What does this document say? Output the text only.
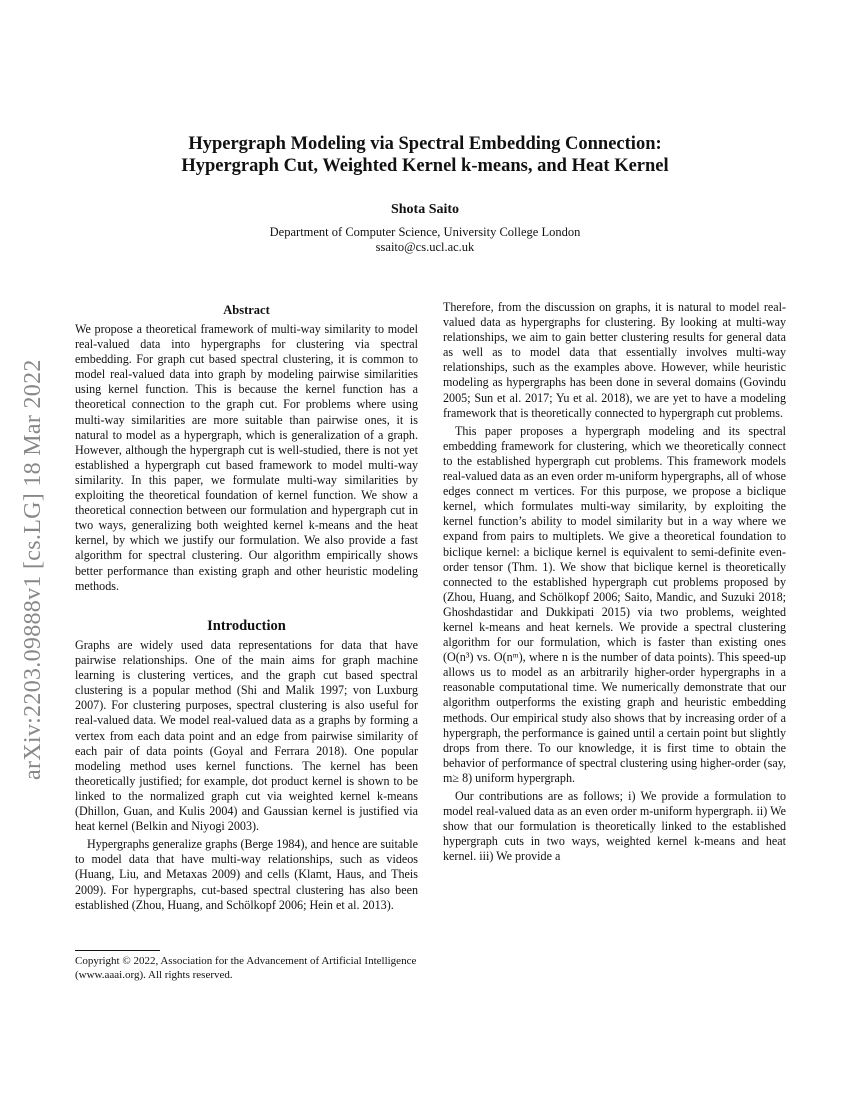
arXiv:2203.09888v1 [cs.LG] 18 Mar 2022
Hypergraph Modeling via Spectral Embedding Connection:
Hypergraph Cut, Weighted Kernel k-means, and Heat Kernel
Shota Saito
Department of Computer Science, University College London
ssaito@cs.ucl.ac.uk
Abstract

We propose a theoretical framework of multi-way similarity to model real-valued data into hypergraphs for clustering via spectral embedding. For graph cut based spectral clustering, it is common to model real-valued data into graph by modeling pairwise similarities using kernel function. This is because the kernel function has a theoretical connection to the graph cut. For problems where using multi-way similarities are more suitable than pairwise ones, it is natural to model as a hypergraph, which is generalization of a graph. However, although the hypergraph cut is well-studied, there is not yet established a hypergraph cut based framework to model multi-way similarity. In this paper, we formulate multi-way similarities by exploiting the theoretical foundation of kernel function. We show a theoretical connection between our formulation and hypergraph cut in two ways, generalizing both weighted kernel k-means and the heat kernel, by which we justify our formulation. We also provide a fast algorithm for spectral clustering. Our algorithm empirically shows better performance than existing graph and other heuristic modeling methods.

Introduction

Graphs are widely used data representations for data that have pairwise relationships. One of the main aims for graph machine learning is clustering vertices, and the graph cut based spectral clustering is a popular method (Shi and Malik 1997; von Luxburg 2007). For clustering purposes, spectral clustering is also useful for real-valued data. We model real-valued data as a graphs by forming a vertex from each data point and an edge from pairwise similarity of each pair of data points (Goyal and Ferrara 2018). One popular modeling method uses kernel functions. The kernel has been theoretically justified; for example, dot product kernel is shown to be linked to the normalized graph cut via weighted kernel k-means (Dhillon, Guan, and Kulis 2004) and Gaussian kernel is justified via heat kernel (Belkin and Niyogi 2003).

Hypergraphs generalize graphs (Berge 1984), and hence are suitable to model data that have multi-way relationships, such as videos (Huang, Liu, and Metaxas 2009) and cells (Klamt, Haus, and Theis 2009). For hypergraphs, cut-based spectral clustering has also been established (Zhou, Huang, and Schölkopf 2006; Hein et al. 2013).

Copyright © 2022, Association for the Advancement of Artificial Intelligence (www.aaai.org). All rights reserved.

Therefore, from the discussion on graphs, it is natural to model real-valued data as hypergraphs for clustering. By looking at multi-way relationships, we aim to gain better clustering results for general data as well as to model data that essentially involves multi-way relationships, such as the examples above. However, while heuristic modeling as hypergraphs has been done in several domains (Govindu 2005; Sun et al. 2017; Yu et al. 2018), we are yet to have a modeling framework that is theoretically connected to hypergraph cut problems.

This paper proposes a hypergraph modeling and its spectral embedding framework for clustering, which we theoretically connect to the established hypergraph cut problems. This framework models real-valued data as an even order m-uniform hypergraphs, all of whose edges connect m vertices. For this purpose, we propose a biclique kernel, which formulates multi-way similarity, by exploiting the kernel function’s ability to model similarity but in a way where we expand from pairs to multiplets. We give a theoretical foundation to biclique kernel: a biclique kernel is equivalent to semi-definite even-order tensor (Thm. 1). We show that biclique kernel is theoretically connected to the established hypergraph cut problems proposed by (Zhou, Huang, and Schölkopf 2006; Saito, Mandic, and Suzuki 2018; Ghoshdastidar and Dukkipati 2015) via two problems, weighted kernel k-means and heat kernels. We provide a spectral clustering algorithm for our formulation, which is faster than existing ones (O(n³) vs. O(nᵐ), where n is the number of data points). This speed-up allows us to model as an arbitrarily higher-order hypergraphs in a reasonable computational time. We numerically demonstrate that our algorithm outperforms the existing graph and heuristic embedding methods. Our empirical study also shows that by increasing order of a hypergraph, the performance is gained until a certain point but slightly drops from there. To our knowledge, it is first time to obtain the behavior of performance of spectral clustering using higher-order (say, m≥ 8) uniform hypergraph.

Our contributions are as follows; i) We provide a formulation to model real-valued data as an even order m-uniform hypergraph. ii) We show that our formulation is theoretically linked to the established hypergraph cuts in two ways, weighted kernel k-means and heat kernel. iii) We provide a
